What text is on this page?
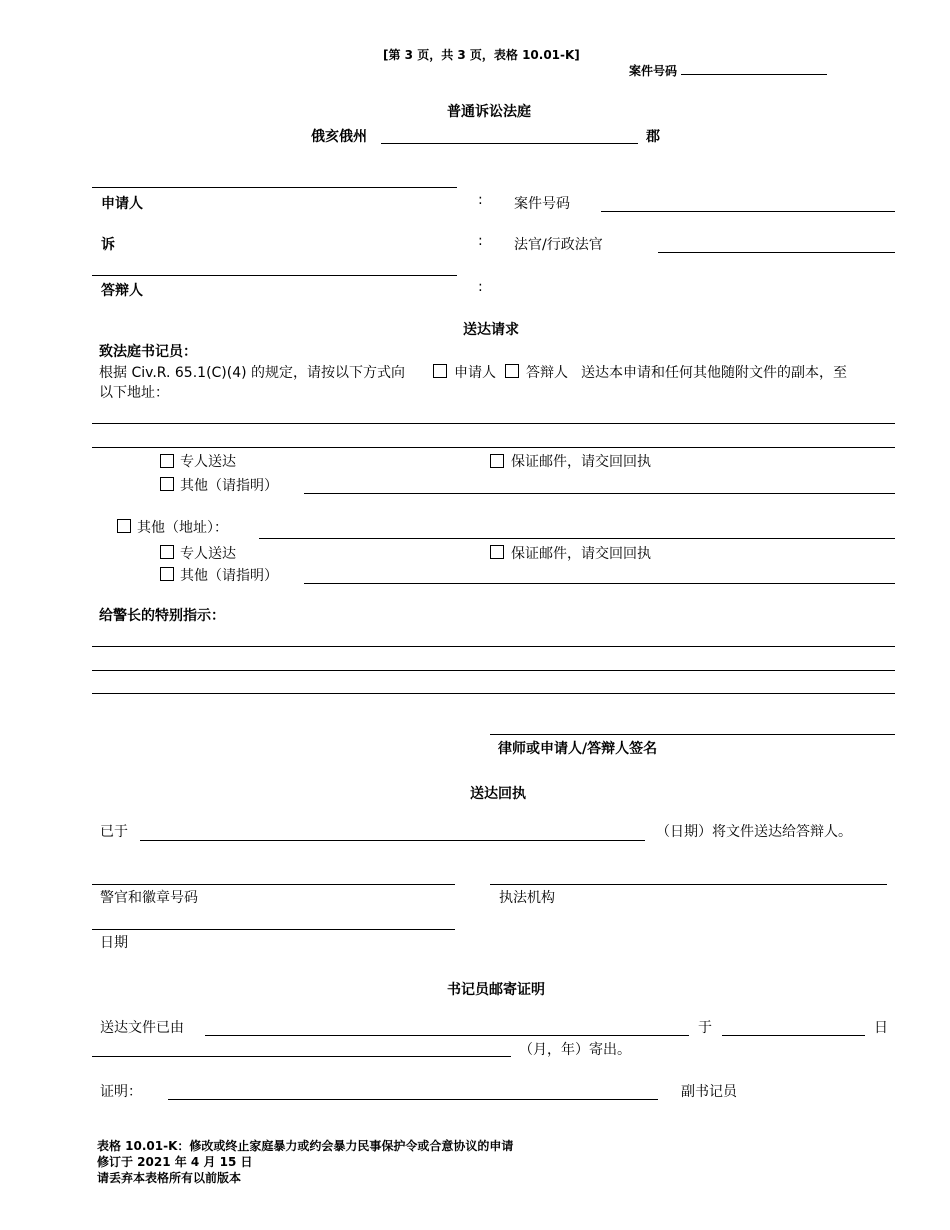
[第 3 页，共 3 页，表格 10.01-K]
案件号码
普通诉讼法庭
俄亥俄州	郡
申请人	: 案件号码
诉	: 法官/行政法官
答辩人	:
送达请求
致法庭书记员：
根据 Civ.R. 65.1(C)(4) 的规定，请按以下方式向	申请人 答辩人 送达本申请和任何其他随附文件的副本，至
以下地址：
专人送达	保证邮件，请交回回执
其他（请指明）
其他（地址）：
专人送达	保证邮件，请交回回执
其他（请指明）
给警长的特别指示：
律师或申请人/答辩人签名
送达回执
已于	（日期）将文件送达给答辩人。
警官和徽章号码	执法机构
日期
书记员邮寄证明
送达文件已由	于	日
（月，年）寄出。
证明：	副书记员
表格 10.01-K：修改或终止家庭暴力或约会暴力民事保护令或合意协议的申请
修订于 2021 年 4 月 15 日
请丢弃本表格所有以前版本
